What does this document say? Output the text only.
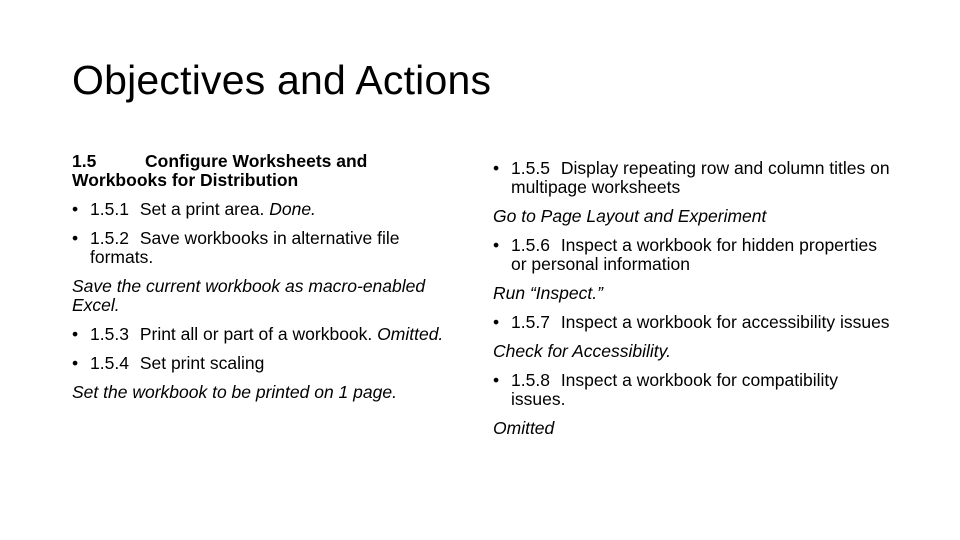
Objectives and Actions
1.5	Configure Worksheets and Workbooks for Distribution
• 1.5.1 Set a print area. Done.
• 1.5.2 Save workbooks in alternative file formats.
Save the current workbook as macro-enabled Excel.
• 1.5.3 Print all or part of a workbook. Omitted.
• 1.5.4 Set print scaling
Set the workbook to be printed on 1 page.
• 1.5.5 Display repeating row and column titles on multipage worksheets
Go to Page Layout and Experiment
• 1.5.6 Inspect a workbook for hidden properties or personal information
Run “Inspect.”
• 1.5.7 Inspect a workbook for accessibility issues
Check for Accessibility.
• 1.5.8 Inspect a workbook for compatibility issues.
Omitted
